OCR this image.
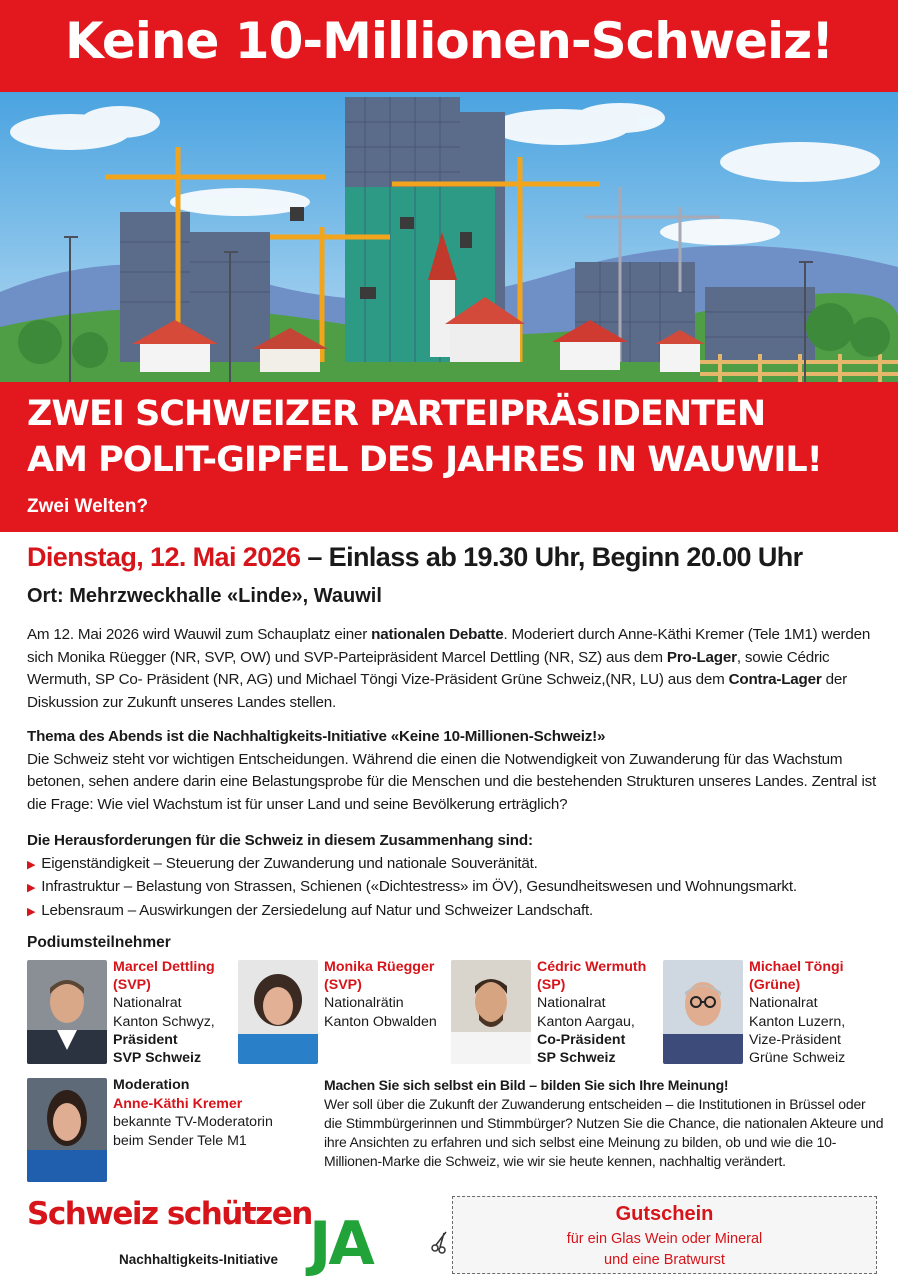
Keine 10-Millionen-Schweiz!
ZWEI SCHWEIZER PARTEIPRÄSIDENTEN
AM POLIT-GIPFEL DES JAHRES IN WAUWIL!
Zwei Welten?
Dienstag, 12. Mai 2026 – Einlass ab 19.30 Uhr, Beginn 20.00 Uhr
Ort: Mehrzweckhalle «Linde», Wauwil
Am 12. Mai 2026 wird Wauwil zum Schauplatz einer nationalen Debatte. Moderiert durch Anne-Käthi Kremer (Tele 1M1) werden sich Monika Rüegger (NR, SVP, OW) und SVP-Parteipräsident Marcel Dettling (NR, SZ) aus dem Pro-Lager, sowie Cédric Wermuth, SP Co- Präsident (NR, AG) und Michael Töngi Vize-Präsident Grüne Schweiz,(NR, LU) aus dem Contra-Lager der Diskussion zur Zukunft unseres Landes stellen.
Thema des Abends ist die Nachhaltigkeits-Initiative «Keine 10-Millionen-Schweiz!»
Die Schweiz steht vor wichtigen Entscheidungen. Während die einen die Notwendigkeit von Zuwanderung für das Wachstum betonen, sehen andere darin eine Belastungsprobe für die Menschen und die bestehenden Strukturen unseres Landes. Zentral ist die Frage: Wie viel Wachstum ist für unser Land und seine Bevölkerung erträglich?
Die Herausforderungen für die Schweiz in diesem Zusammenhang sind:
▶ Eigenständigkeit – Steuerung der Zuwanderung und nationale Souveränität.
▶ Infrastruktur – Belastung von Strassen, Schienen («Dichtestress» im ÖV), Gesundheitswesen und Wohnungsmarkt.
▶ Lebensraum – Auswirkungen der Zersiedelung auf Natur und Schweizer Landschaft.
Podiumsteilnehmer
Marcel Dettling
(SVP)
Nationalrat
Kanton Schwyz,
Präsident
SVP Schweiz
Monika Rüegger
(SVP)
Nationalrätin
Kanton Obwalden
Cédric Wermuth
(SP)
Nationalrat
Kanton Aargau,
Co-Präsident
SP Schweiz
Michael Töngi
(Grüne)
Nationalrat
Kanton Luzern,
Vize-Präsident
Grüne Schweiz
Moderation
Anne-Käthi Kremer
bekannte TV-Moderatorin
beim Sender Tele M1
Machen Sie sich selbst ein Bild – bilden Sie sich Ihre Meinung!
Wer soll über die Zukunft der Zuwanderung entscheiden – die Institutionen in Brüssel oder die Stimmbürgerinnen und Stimmbürger? Nutzen Sie die Chance, die nationalen Akteure und ihre Ansichten zu erfahren und sich selbst eine Meinung zu bilden, ob und wie die 10-Millionen-Marke die Schweiz, wie wir sie heute kennen, nachhaltig verändert.
Schweiz schützen
Nachhaltigkeits-Initiative JA	Gutschein
für ein Glas Wein oder Mineral
und eine Bratwurst
